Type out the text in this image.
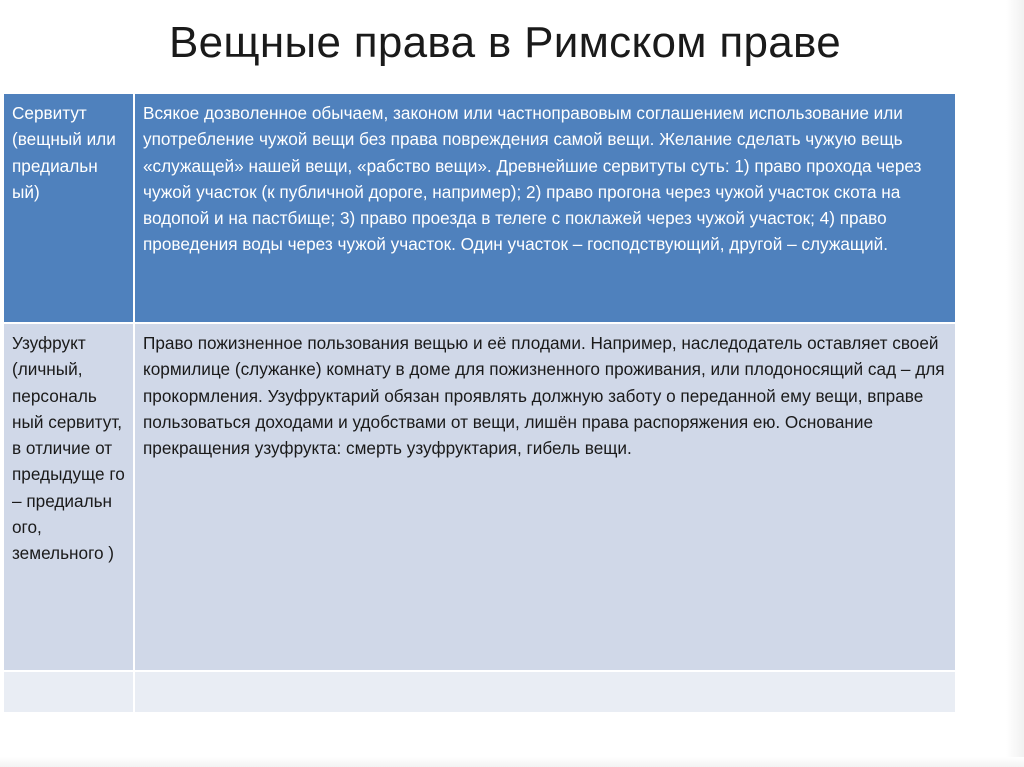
Вещные права в Римском праве
Сервитут (вещный или предиальн ый)	Всякое дозволенное обычаем, законом или частноправовым соглашением использование или употребление чужой вещи без права повреждения самой вещи. Желание сделать чужую вещь «служащей» нашей вещи, «рабство вещи». Древнейшие сервитуты суть: 1) право прохода через чужой участок (к публичной дороге, например); 2) право прогона через чужой участок скота на водопой и на пастбище; 3) право проезда в телеге с поклажей через чужой участок; 4) право проведения воды через чужой участок. Один участок – господствующий, другой – служащий.
Узуфрукт (личный, персональ ный сервитут, в отличие от предыдуще го – предиальн ого, земельного )	Право пожизненное пользования вещью и её плодами. Например, наследодатель оставляет своей кормилице (служанке) комнату в доме для пожизненного проживания, или плодоносящий сад – для прокормления. Узуфруктарий обязан проявлять должную заботу о переданной ему вещи, вправе пользоваться доходами и удобствами от вещи, лишён права распоряжения ею. Основание прекращения узуфрукта: смерть узуфруктария, гибель вещи.
